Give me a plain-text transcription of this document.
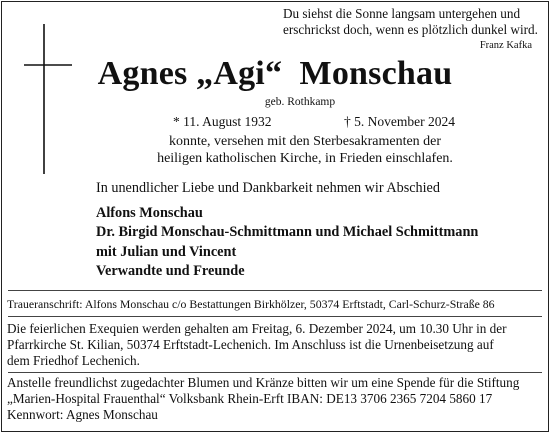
Du siehst die Sonne langsam untergehen und
erschrickst doch, wenn es plötzlich dunkel wird.

Franz Kafka
Agnes „Agi“  Monschau
geb. Rothkamp
* 11. August 1932	† 5. November 2024
konnte, versehen mit den Sterbesakramenten der
heiligen katholischen Kirche, in Frieden einschlafen.
In unendlicher Liebe und Dankbarkeit nehmen wir Abschied
Alfons Monschau
Dr. Birgid Monschau-Schmittmann und Michael Schmittmann
mit Julian und Vincent
Verwandte und Freunde
Traueranschrift: Alfons Monschau c/o Bestattungen Birkhölzer, 50374 Erftstadt, Carl-Schurz-Straße 86

Die feierlichen Exequien werden gehalten am Freitag, 6. Dezember 2024, um 10.30 Uhr in der
Pfarrkirche St. Kilian, 50374 Erftstadt-Lechenich. Im Anschluss ist die Urnenbeisetzung auf
dem Friedhof Lechenich.

Anstelle freundlichst zugedachter Blumen und Kränze bitten wir um eine Spende für die Stiftung
„Marien-Hospital Frauenthal“ Volksbank Rhein-Erft IBAN: DE13 3706 2365 7204 5860 17
Kennwort: Agnes Monschau
